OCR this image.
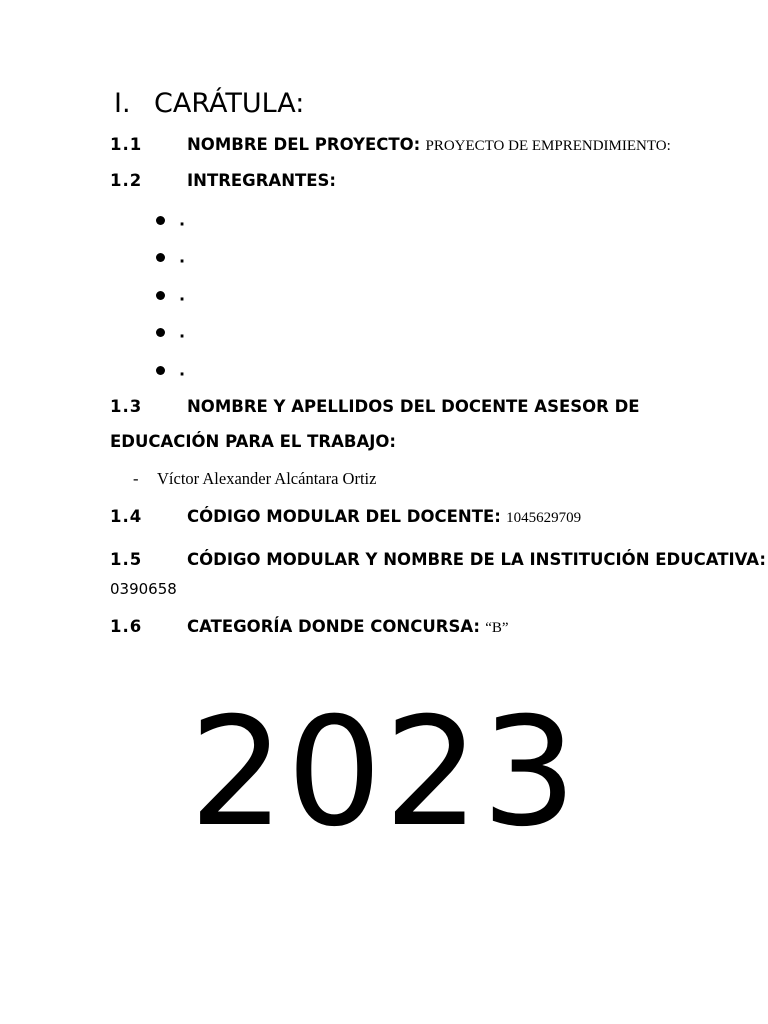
I. CARÁTULA:
1.1	NOMBRE DEL PROYECTO: PROYECTO DE EMPRENDIMIENTO:
1.2	INTREGRANTES:
.
.
.
.
.
1.3	NOMBRE Y APELLIDOS DEL DOCENTE ASESOR DE
EDUCACIÓN PARA EL TRABAJO:
- Víctor Alexander Alcántara Ortiz
1.4	CÓDIGO MODULAR DEL DOCENTE: 1045629709
1.5	CÓDIGO MODULAR Y NOMBRE DE LA INSTITUCIÓN EDUCATIVA:
0390658
1.6	CATEGORÍA DONDE CONCURSA: “B”
2023
